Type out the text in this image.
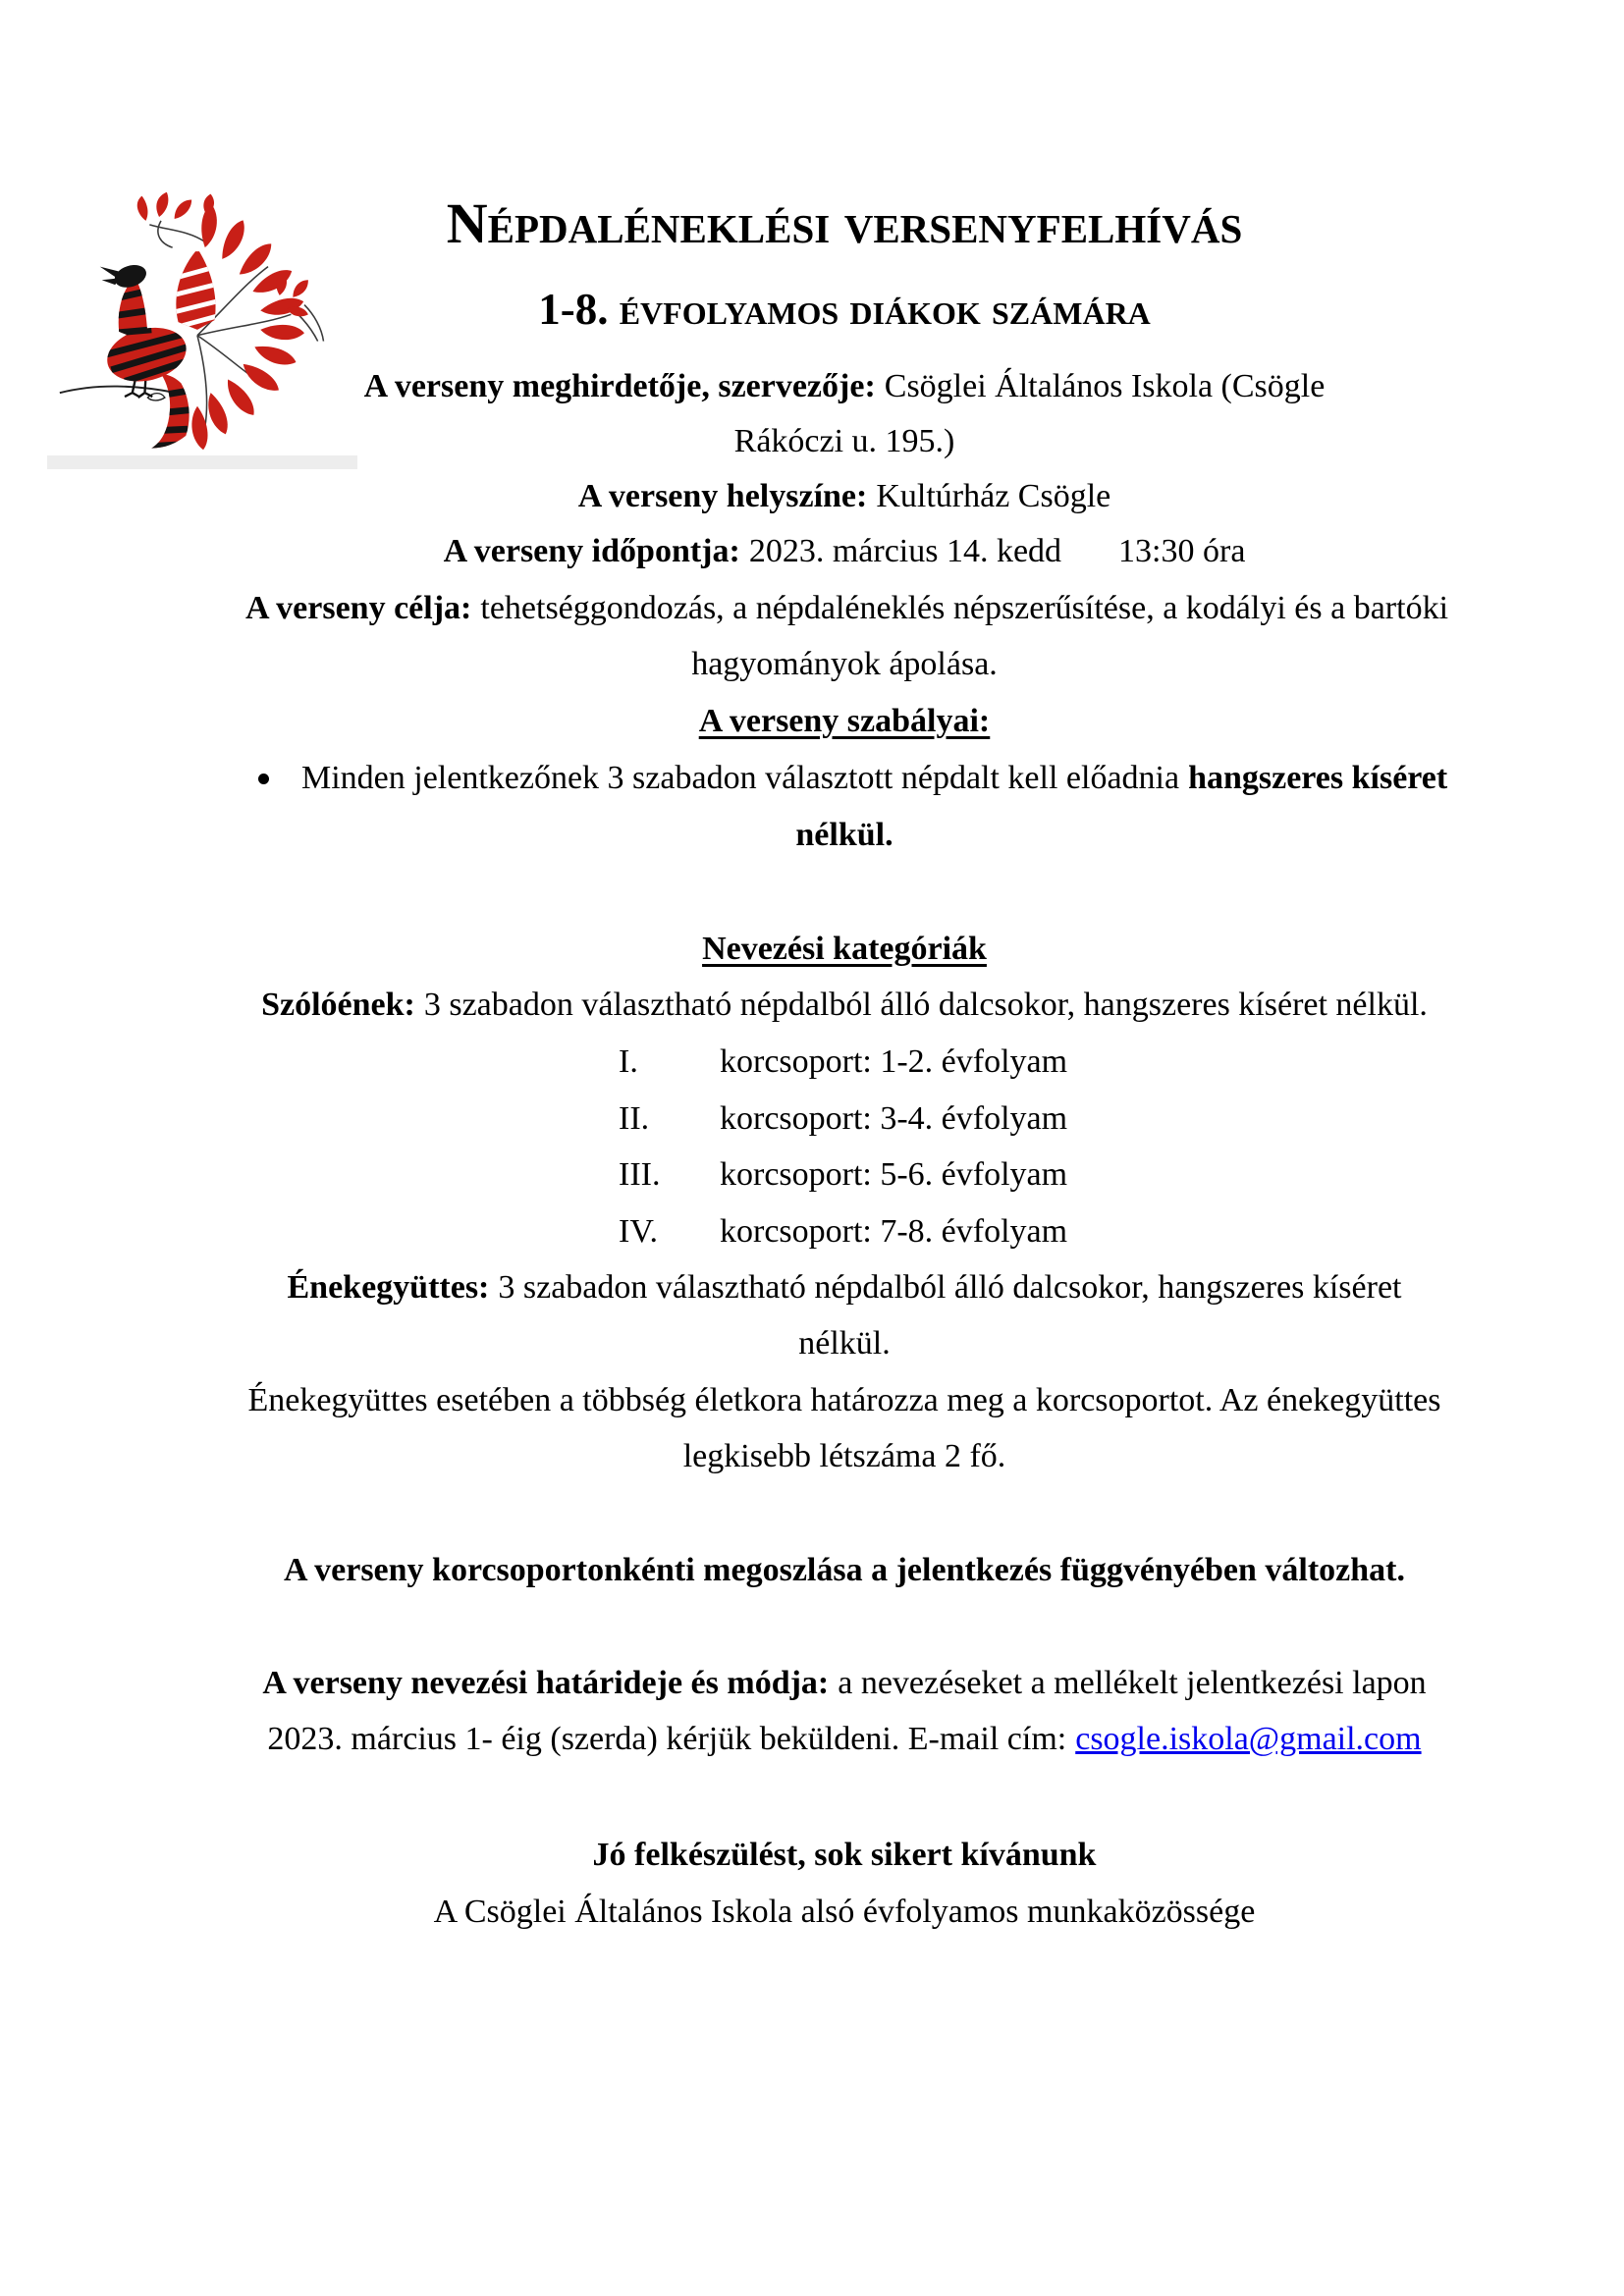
Népdaléneklési versenyfelhívás
1-8. évfolyamos diákok számára
A verseny meghirdetője, szervezője: Csöglei Általános Iskola (Csögle
Rákóczi u. 195.)
A verseny helyszíne: Kultúrház Csögle
A verseny időpontja: 2023. március 14. kedd 13:30 óra
A verseny célja: tehetséggondozás, a népdaléneklés népszerűsítése, a kodályi és a bartóki
hagyományok ápolása.
A verseny szabályai:
Minden jelentkezőnek 3 szabadon választott népdalt kell előadnia hangszeres kíséret
nélkül.
Nevezési kategóriák
Szólóének: 3 szabadon választható népdalból álló dalcsokor, hangszeres kíséret nélkül.
I. korcsoport: 1-2. évfolyam
II. korcsoport: 3-4. évfolyam
III. korcsoport: 5-6. évfolyam
IV. korcsoport: 7-8. évfolyam
Énekegyüttes: 3 szabadon választható népdalból álló dalcsokor, hangszeres kíséret
nélkül.
Énekegyüttes esetében a többség életkora határozza meg a korcsoportot. Az énekegyüttes
legkisebb létszáma 2 fő.
A verseny korcsoportonkénti megoszlása a jelentkezés függvényében változhat.
A verseny nevezési határideje és módja: a nevezéseket a mellékelt jelentkezési lapon
2023. március 1- éig (szerda) kérjük beküldeni. E-mail cím: csogle.iskola@gmail.com
Jó felkészülést, sok sikert kívánunk
A Csöglei Általános Iskola alsó évfolyamos munkaközössége
